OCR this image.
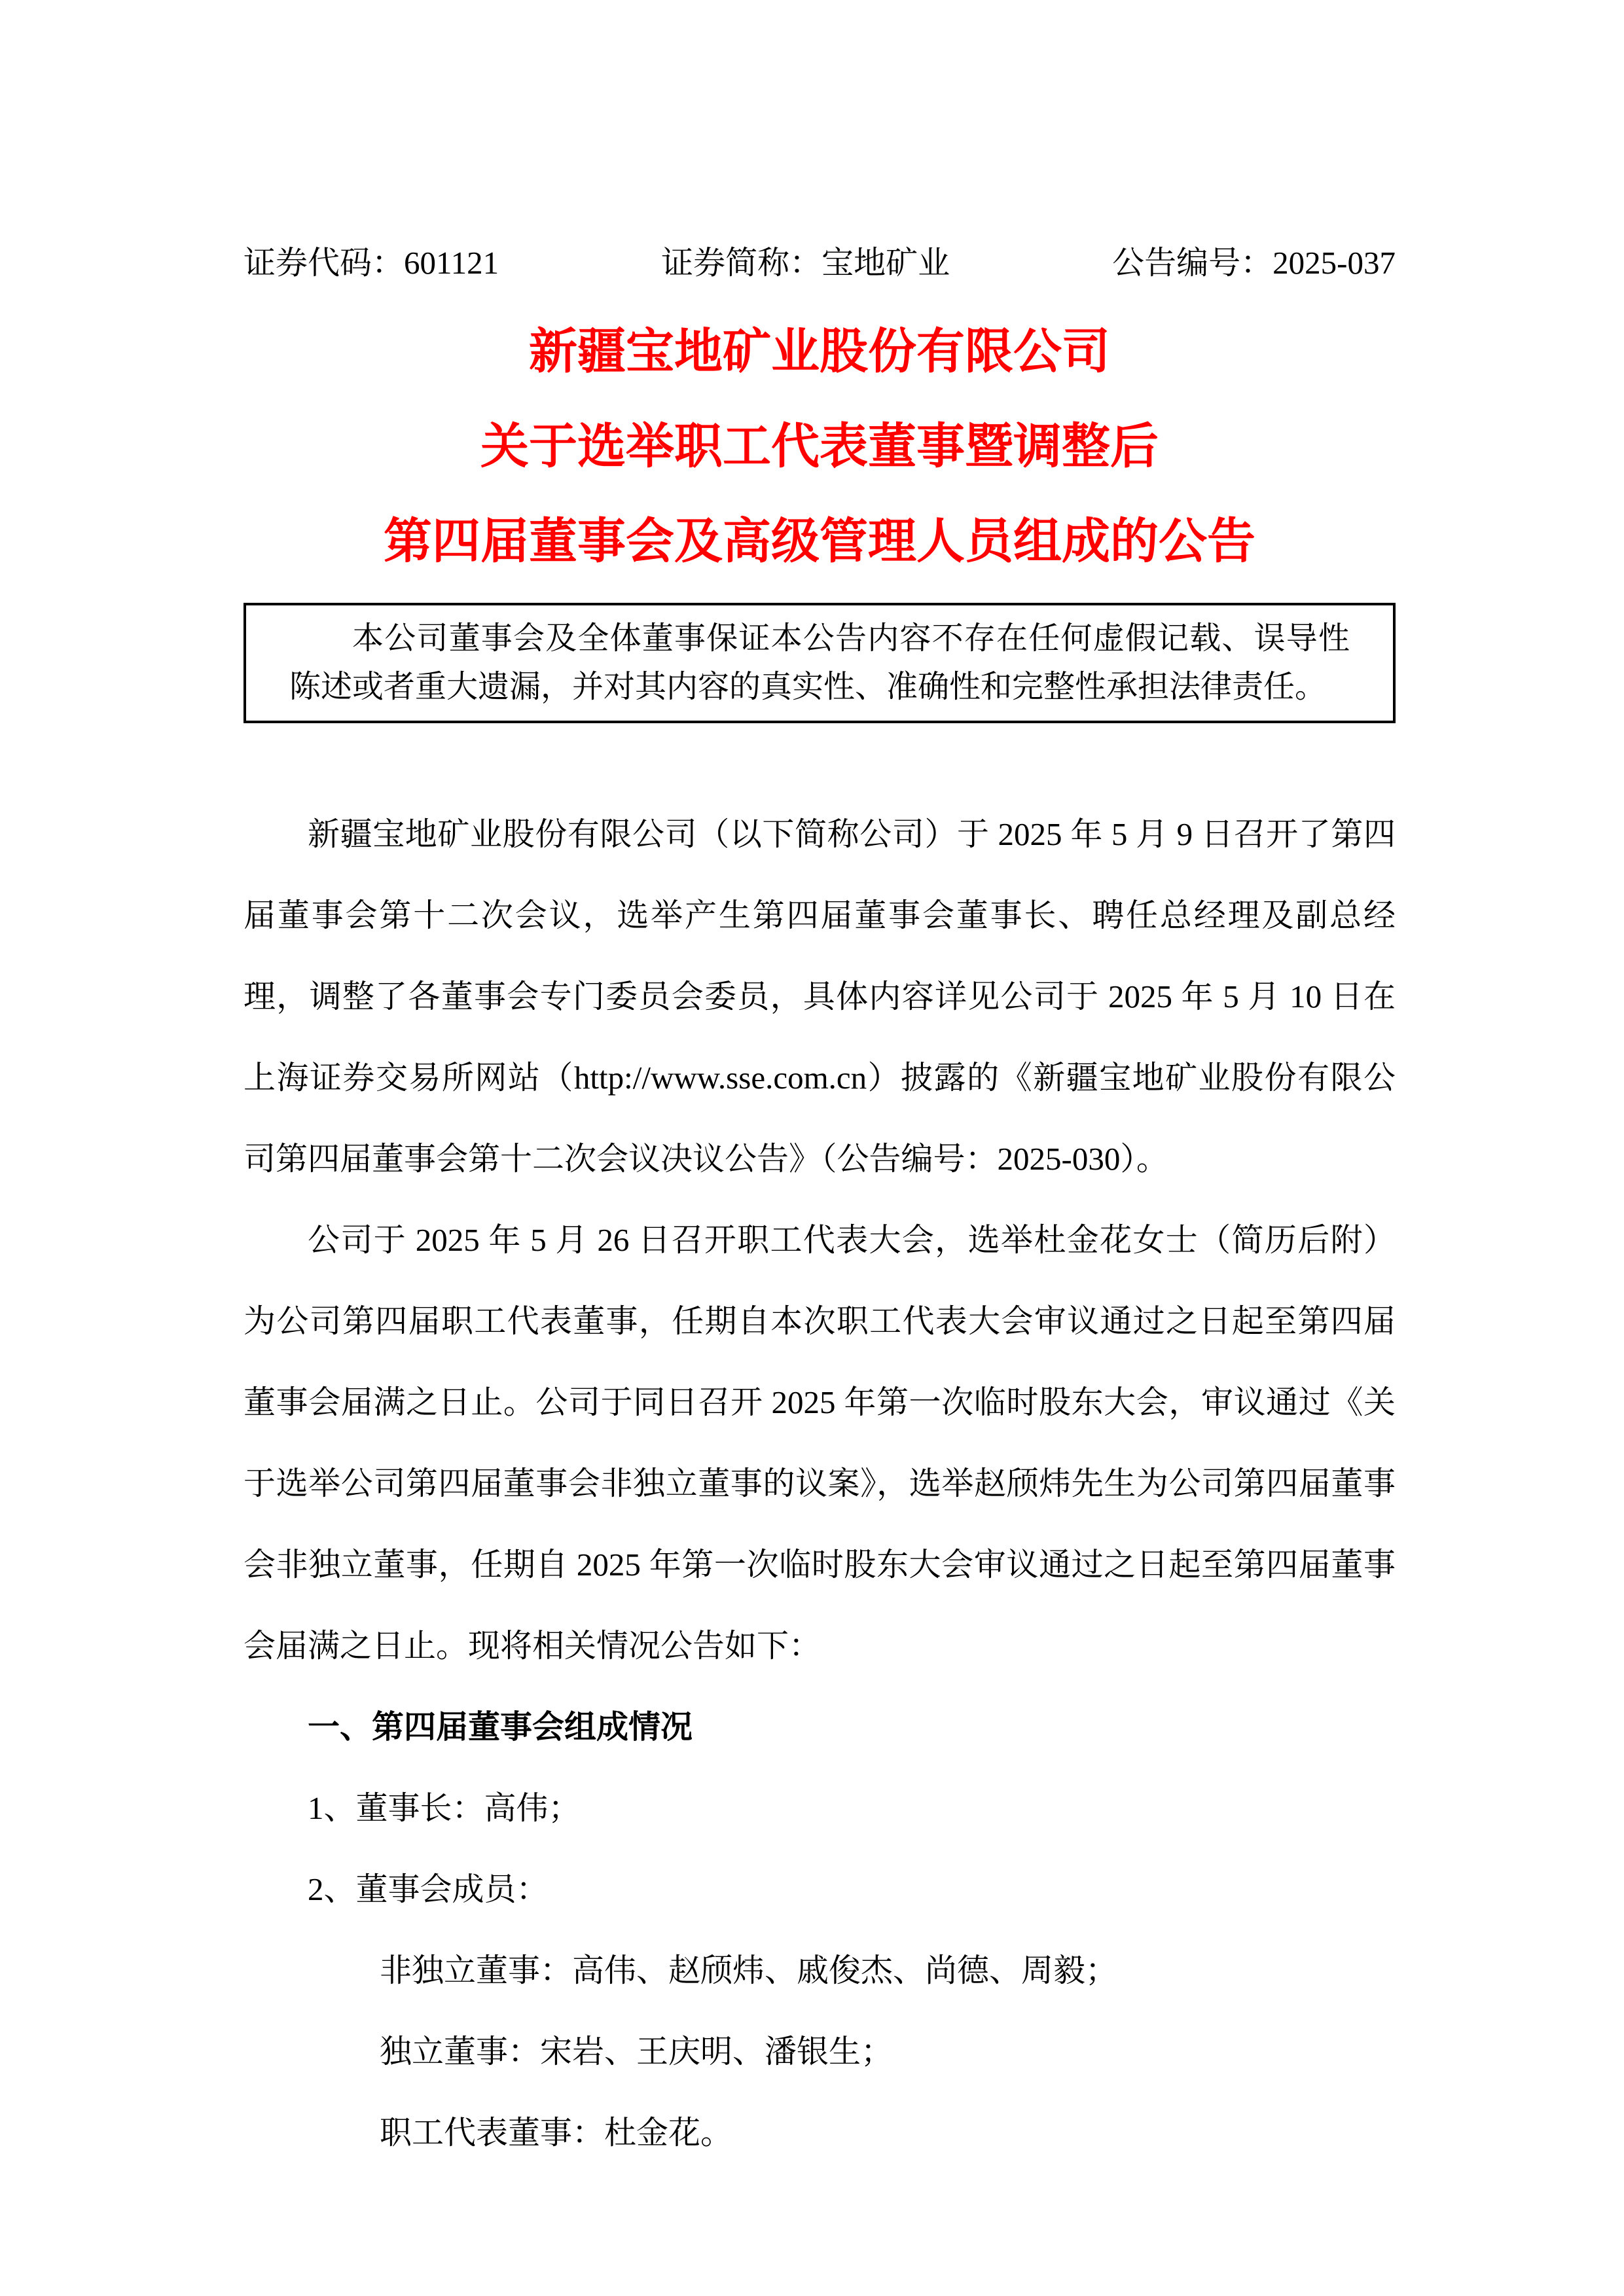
证券代码：601121	证券简称：宝地矿业	公告编号：2025-037
新疆宝地矿业股份有限公司
关于选举职工代表董事暨调整后
第四届董事会及高级管理人员组成的公告

本公司董事会及全体董事保证本公告内容不存在任何虚假记载、误导性陈述或者重大遗漏，并对其内容的真实性、准确性和完整性承担法律责任。

新疆宝地矿业股份有限公司（以下简称公司）于 2025 年 5 月 9 日召开了第四届董事会第十二次会议，选举产生第四届董事会董事长、聘任总经理及副总经理，调整了各董事会专门委员会委员，具体内容详见公司于 2025 年 5 月 10 日在上海证券交易所网站（http://www.sse.com.cn）披露的《新疆宝地矿业股份有限公司第四届董事会第十二次会议决议公告》（公告编号：2025-030）。

公司于 2025 年 5 月 26 日召开职工代表大会，选举杜金花女士（简历后附）为公司第四届职工代表董事，任期自本次职工代表大会审议通过之日起至第四届董事会届满之日止。公司于同日召开 2025 年第一次临时股东大会，审议通过《关于选举公司第四届董事会非独立董事的议案》，选举赵颀炜先生为公司第四届董事会非独立董事，任期自 2025 年第一次临时股东大会审议通过之日起至第四届董事会届满之日止。现将相关情况公告如下：

一、第四届董事会组成情况

1、董事长：高伟；

2、董事会成员：

非独立董事：高伟、赵颀炜、戚俊杰、尚德、周毅；

独立董事：宋岩、王庆明、潘银生；

职工代表董事：杜金花。
